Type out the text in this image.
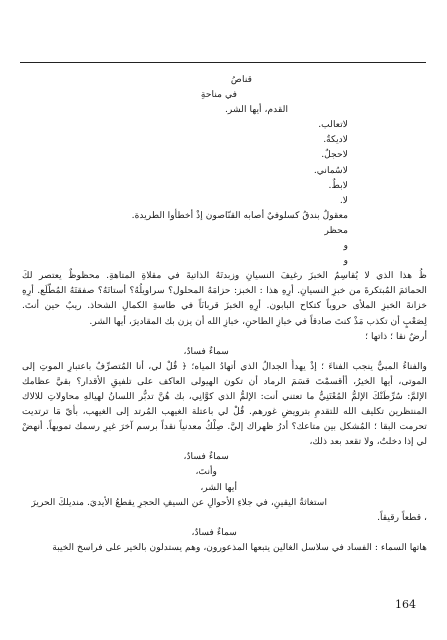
قناصُ
في مناحةِ
القدم، أيها الشر.
لاتعالب.
لاديكةٌ.
لاحجلٌ.
لاسُماني.
لابطٌ.
لا.
معقولٌ بندقُ كسلوفيٌ أصابه القنّاصون إذْ أخطأوا الطريدة.
محظر
و
و
ظُ هذا الذي لا يُقاسِمُ الخبزَ رغيفَ النسيانِ وزبدتَهُ الذاتيةَ في مقلاةِ المتاهةِ. محظوظٌ يعتصر لكَ
الحمائمَ المُبتكرةَ من خبزِ النسيانِ. أرِهِ هذا : الخبز: حزامَهُ المحلول؟ سراويلُهُ؟ أستاتَهُ؟ صفقتَهُ المُطّلَع. أرِهِ
خزانةَ الخبزِ الملأى حروباً كتكاح البابون. أرِهِ الخبزَ قربانَاً في طاسةِ الكمالِ الشحاذ. ريبٌ حين أنتَ.
لِصَعْبٍ أن تكذب مَذْ كنتَ صادقاً في خبازِ الطاحنِ، خبازِ الله أن يزن بك المقاديرَ، أيها الشر.
أرضٌ نقا ؛ ذاتها ؛
سماءٌ فسادٌ،
والفناءُ المبيُّ ينجب الفناءَ ؛ إذْ يهدأُ الجدالُ الذي أتهادُ المياه؛ ﴿ قُلْ لي، أنا المُتصرِّفُ باعتبارِ الموتِ إلى
الموتى، أيها الخيرُ، أأقسمْتَ قسَمَ الرماد أن تكون الهيولى العاكف على تلفيقِ الأقدار؟ بقيَّ عظامك
الإلمَّ: سُرِّطَتْكَ الإلمُّ المُعْتَنِيُّ ما تعتني أنت: الإلمُّ الذي كوَّانِي، بك هُنَّ تدبُّر اللسانُ لهيالهِ محاولاتِ للالاك
المنتظرين تكليف الله للتقدمِ بترويضِ غورهم. قُلْ لي باعتلة الغيهب المُرتد إلى الغيهب، بأيّ مَا ترتديت
تحرمت البقا ؛ المُشكل بين متاعك؟ أدرُ ظهراك إليَّ. صِلْكُ معدنياً نقداً برسم آخرَ غيرِ رسمك تمويهاً. أنهضْ
لي إذا دخلتُ، ولا تقعد بعد ذلك،
سماءٌ فسادٌ،
وأنتَ،
أيها الشر،
استغاثةُ اليقينِ، في جلاءِ الأحوالِ عن السيفِ الحجرِ يقطعُ الأيديَ. منديلكَ الحريرَ
، قطعاً رقيقاً.
سماءٌ فسادٌ،
هاتها السماء : الفساد في سلاسل الغالين يتبعها المذعورون، وهم يستدلون بالخير على فراسخ الخيبة
164
